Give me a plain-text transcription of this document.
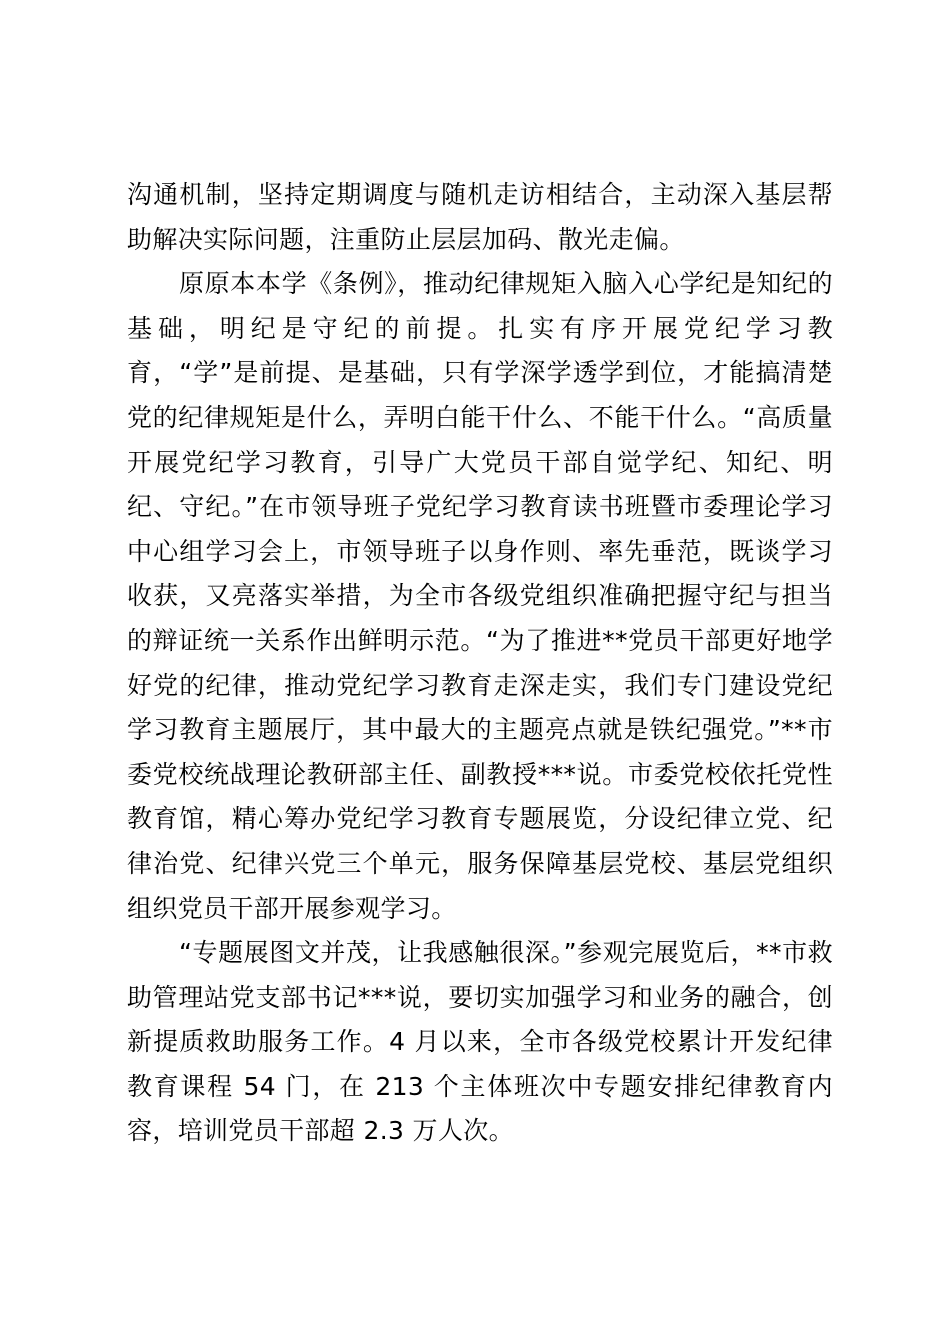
沟通机制，坚持定期调度与随机走访相结合，主动深入基层帮助解决实际问题，注重防止层层加码、散光走偏。

原原本本学《条例》，推动纪律规矩入脑入心学纪是知纪的基础，明纪是守纪的前提。扎实有序开展党纪学习教育，“学”是前提、是基础，只有学深学透学到位，才能搞清楚党的纪律规矩是什么，弄明白能干什么、不能干什么。“高质量开展党纪学习教育，引导广大党员干部自觉学纪、知纪、明纪、守纪。”在市领导班子党纪学习教育读书班暨市委理论学习中心组学习会上，市领导班子以身作则、率先垂范，既谈学习收获，又亮落实举措，为全市各级党组织准确把握守纪与担当的辩证统一关系作出鲜明示范。“为了推进**党员干部更好地学好党的纪律，推动党纪学习教育走深走实，我们专门建设党纪学习教育主题展厅，其中最大的主题亮点就是铁纪强党。”**市委党校统战理论教研部主任、副教授***说。市委党校依托党性教育馆，精心筹办党纪学习教育专题展览，分设纪律立党、纪律治党、纪律兴党三个单元，服务保障基层党校、基层党组织组织党员干部开展参观学习。

“专题展图文并茂，让我感触很深。”参观完展览后，**市救助管理站党支部书记***说，要切实加强学习和业务的融合，创新提质救助服务工作。4 月以来，全市各级党校累计开发纪律教育课程 54 门，在 213 个主体班次中专题安排纪律教育内容，培训党员干部超 2.3 万人次。
